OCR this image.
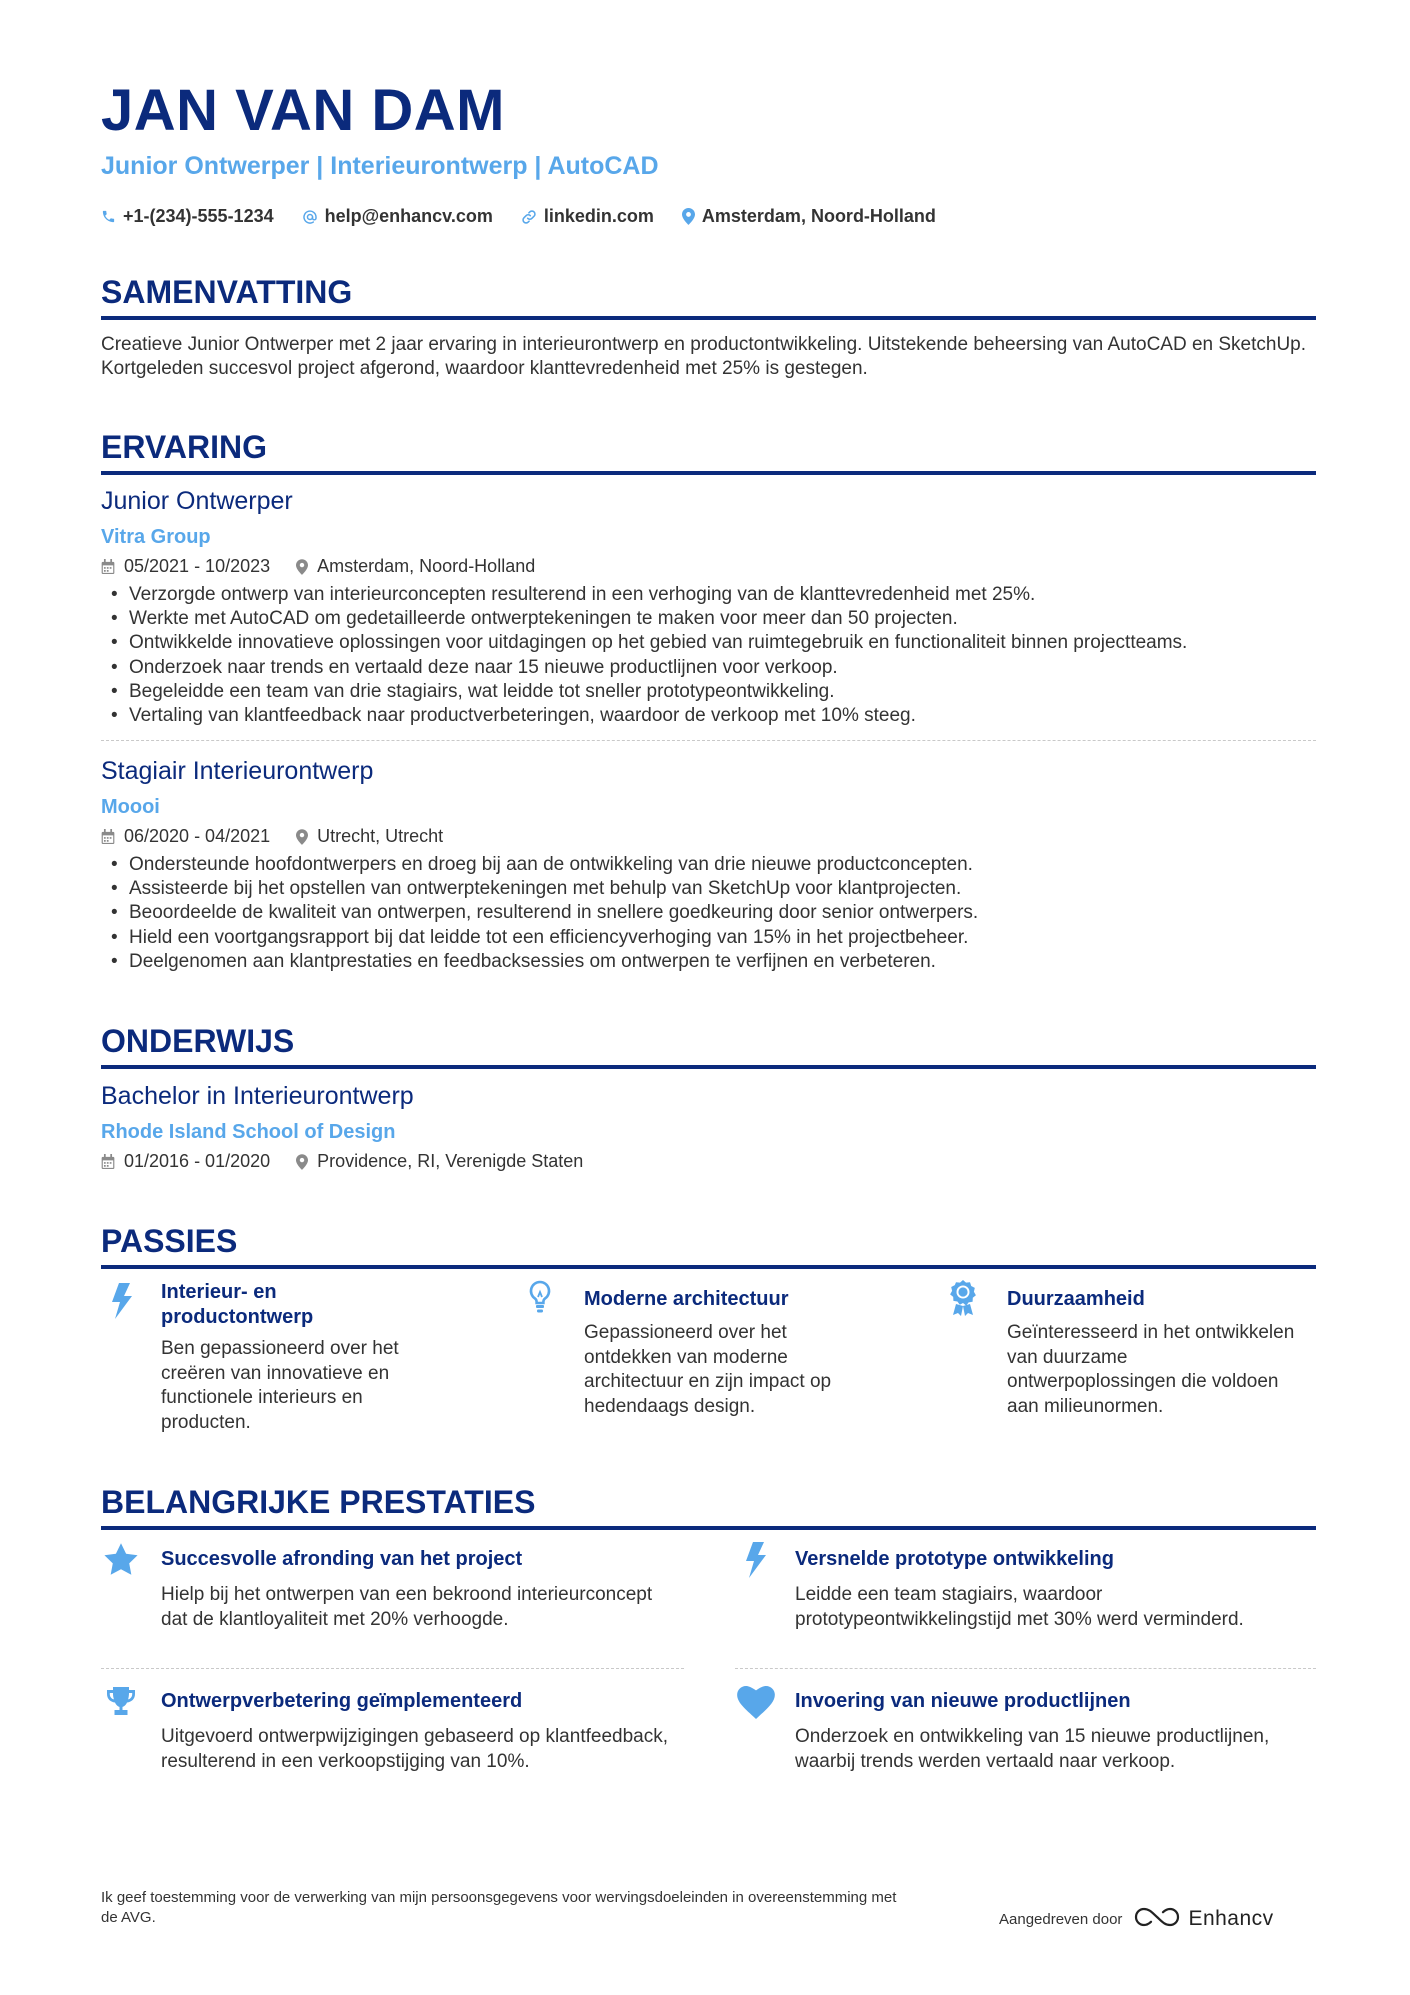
JAN VAN DAM
Junior Ontwerper | Interieurontwerp | AutoCAD
+1-(234)-555-1234	help@enhancv.com	linkedin.com	Amsterdam, Noord-Holland
SAMENVATTING

Creatieve Junior Ontwerper met 2 jaar ervaring in interieurontwerp en productontwikkeling. Uitstekende beheersing van AutoCAD en SketchUp. Kortgeleden succesvol project afgerond, waardoor klanttevredenheid met 25% is gestegen.

ERVARING
Junior Ontwerper
Vitra Group
05/2021 - 10/2023	Amsterdam, Noord-Holland
• Verzorgde ontwerp van interieurconcepten resulterend in een verhoging van de klanttevredenheid met 25%.
• Werkte met AutoCAD om gedetailleerde ontwerptekeningen te maken voor meer dan 50 projecten.
• Ontwikkelde innovatieve oplossingen voor uitdagingen op het gebied van ruimtegebruik en functionaliteit binnen projectteams.
• Onderzoek naar trends en vertaald deze naar 15 nieuwe productlijnen voor verkoop.
• Begeleidde een team van drie stagiairs, wat leidde tot sneller prototypeontwikkeling.
• Vertaling van klantfeedback naar productverbeteringen, waardoor de verkoop met 10% steeg.
Stagiair Interieurontwerp
Moooi
06/2020 - 04/2021	Utrecht, Utrecht
• Ondersteunde hoofdontwerpers en droeg bij aan de ontwikkeling van drie nieuwe productconcepten.
• Assisteerde bij het opstellen van ontwerptekeningen met behulp van SketchUp voor klantprojecten.
• Beoordeelde de kwaliteit van ontwerpen, resulterend in snellere goedkeuring door senior ontwerpers.
• Hield een voortgangsrapport bij dat leidde tot een efficiencyverhoging van 15% in het projectbeheer.
• Deelgenomen aan klantprestaties en feedbacksessies om ontwerpen te verfijnen en verbeteren.
ONDERWIJS
Bachelor in Interieurontwerp
Rhode Island School of Design
01/2016 - 01/2020	Providence, RI, Verenigde Staten
PASSIES
Interieur- en productontwerp
Ben gepassioneerd over het creëren van innovatieve en functionele interieurs en producten.
Moderne architectuur
Gepassioneerd over het ontdekken van moderne architectuur en zijn impact op hedendaags design.
Duurzaamheid
Geïnteresseerd in het ontwikkelen van duurzame ontwerpoplossingen die voldoen aan milieunormen.
BELANGRIJKE PRESTATIES
Succesvolle afronding van het project
Hielp bij het ontwerpen van een bekroond interieurconcept dat de klantloyaliteit met 20% verhoogde.
Versnelde prototype ontwikkeling
Leidde een team stagiairs, waardoor prototypeontwikkelingstijd met 30% werd verminderd.
Ontwerpverbetering geïmplementeerd
Uitgevoerd ontwerpwijzigingen gebaseerd op klantfeedback, resulterend in een verkoopstijging van 10%.
Invoering van nieuwe productlijnen
Onderzoek en ontwikkeling van 15 nieuwe productlijnen, waarbij trends werden vertaald naar verkoop.

Ik geef toestemming voor de verwerking van mijn persoonsgegevens voor wervingsdoeleinden in overeenstemming met de AVG.	Aangedreven door	Enhancv
